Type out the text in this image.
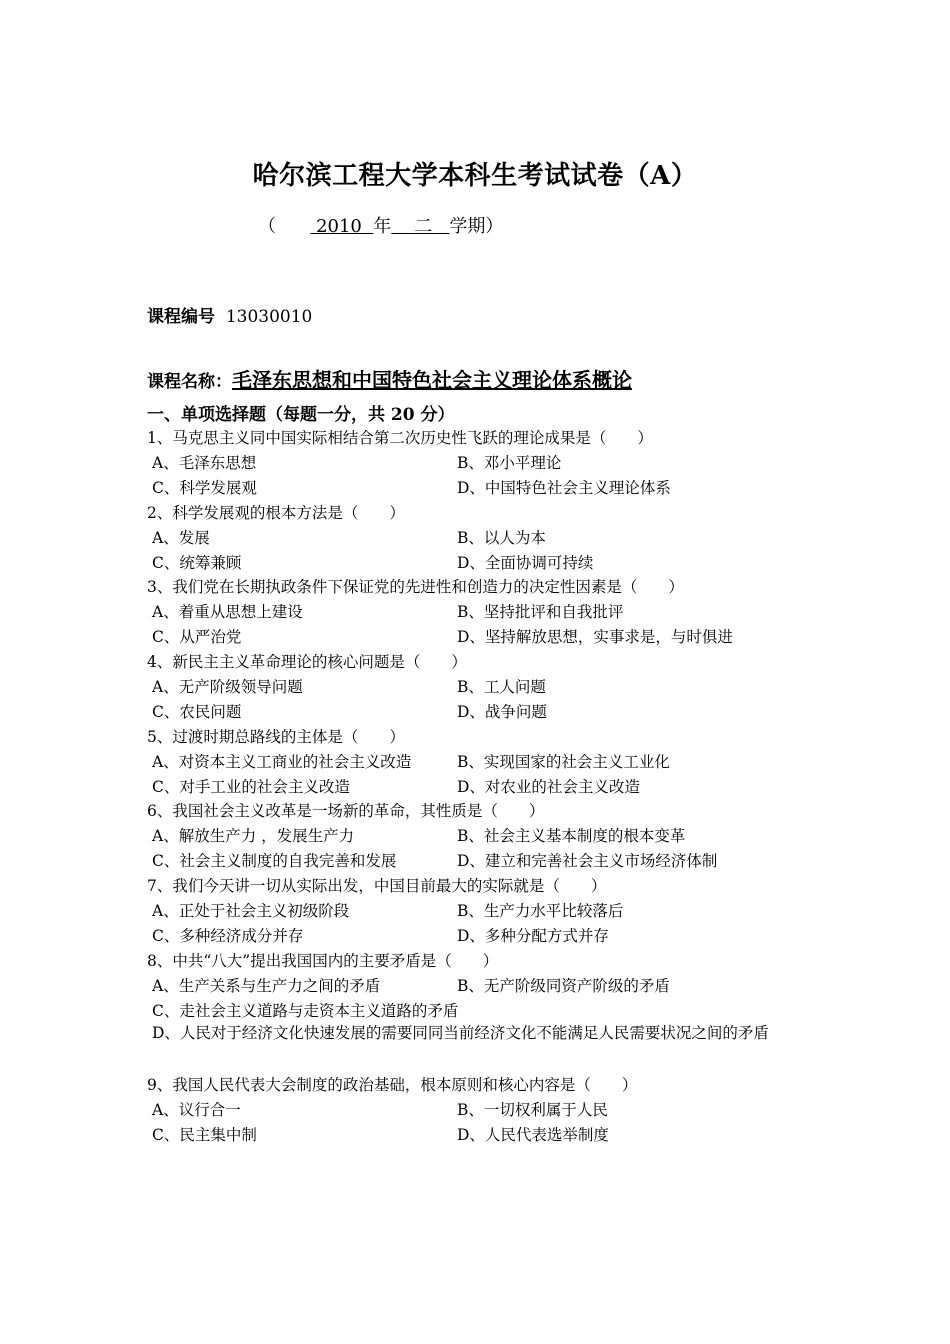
哈尔滨工程大学本科生考试试卷（A）
（ 2010 年 二 学期）
课程编号 13030010
课程名称：毛泽东思想和中国特色社会主义理论体系概论
一、单项选择题（每题一分，共 20 分）
1、马克思主义同中国实际相结合第二次历史性飞跃的理论成果是（　　）
A、毛泽东思想	B、邓小平理论
C、科学发展观	D、中国特色社会主义理论体系
2、科学发展观的根本方法是（　　）
A、发展	B、以人为本
C、统筹兼顾	D、全面协调可持续
3、我们党在长期执政条件下保证党的先进性和创造力的决定性因素是（　　）
A、着重从思想上建设	B、坚持批评和自我批评
C、从严治党	D、坚持解放思想，实事求是，与时俱进
4、新民主主义革命理论的核心问题是（　　）
A、无产阶级领导问题	B、工人问题
C、农民问题	D、战争问题
5、过渡时期总路线的主体是（　　）
A、对资本主义工商业的社会主义改造	B、实现国家的社会主义工业化
C、对手工业的社会主义改造	D、对农业的社会主义改造
6、我国社会主义改革是一场新的革命，其性质是（　　）
A、解放生产力 ，发展生产力	B、社会主义基本制度的根本变革
C、社会主义制度的自我完善和发展	D、建立和完善社会主义市场经济体制
7、我们今天讲一切从实际出发，中国目前最大的实际就是（　　）
A、正处于社会主义初级阶段	B、生产力水平比较落后
C、多种经济成分并存	D、多种分配方式并存
8、中共“八大”提出我国国内的主要矛盾是（　　）
A、生产关系与生产力之间的矛盾	B、无产阶级同资产阶级的矛盾
C、走社会主义道路与走资本主义道路的矛盾
D、人民对于经济文化快速发展的需要同同当前经济文化不能满足人民需要状况之间的矛盾
9、我国人民代表大会制度的政治基础，根本原则和核心内容是（　　）
A、议行合一	B、一切权利属于人民
C、民主集中制	D、人民代表选举制度
